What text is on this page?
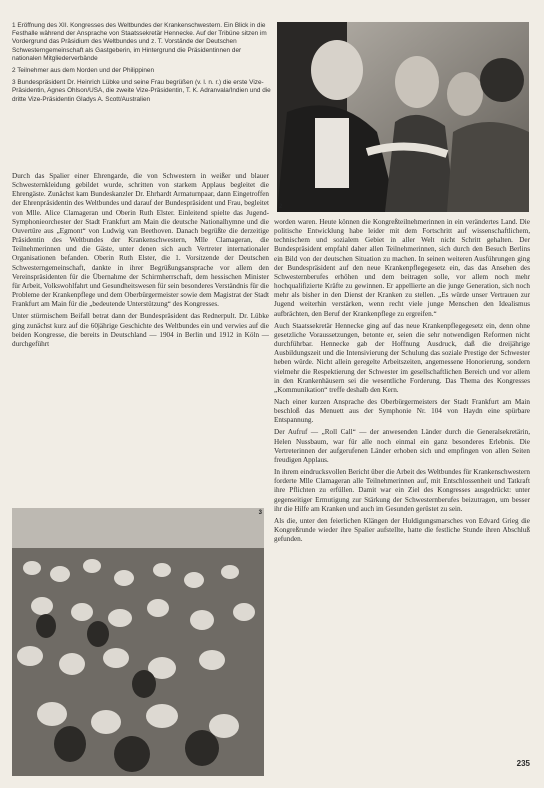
1 Eröffnung des XII. Kongresses des Weltbundes der Krankenschwestern. Ein Blick in die Festhalle während der Ansprache von Staatssekretär Hennecke. Auf der Tribüne sitzen im Vordergrund das Präsidium des Weltbundes und z. T. Vorstände der Deutschen Schwesterngemeinschaft als Gastgeberin, im Hintergrund die Präsidentinnen der nationalen Mitgliederverbände
2 Teilnehmer aus dem Norden und der Philippinen
3 Bundespräsident Dr. Heinrich Lübke und seine Frau begrüßen (v. l. n. r.) die erste Vize-Präsidentin, Agnes Ohlson/USA, die zweite Vize-Präsidentin, T. K. Adranvala/Indien und die dritte Vize-Präsidentin Gladys A. Scott/Australien
2

Durch das Spalier einer Ehrengarde, die von Schwestern in weißer und blauer Schwesternkleidung gebildet wurde, schritten von starkem Applaus begleitet die Ehrengäste. Zunächst kam Bundeskanzler Dr. Ehrhardt Armaturnpaar, dann Eingetroffen der Ehrenpräsidentin des Weltbundes und darauf der Bundespräsident und Frau, begleitet von Mlle. Alice Clamageran und Oberin Ruth Elster. Einleitend spielte das Jugend-Symphonieorchester der Stadt Frankfurt am Main die deutsche Nationalhymne und die Ouvertüre aus „Egmont“ von Ludwig van Beethoven. Danach begrüßte die derzeitige Präsidentin des Weltbundes der Krankenschwestern, Mlle Clamageran, die Teilnehmerinnen und die Gäste, unter denen sich auch Vertreter internationaler Organisationen befanden. Oberin Ruth Elster, die 1. Vorsitzende der Deutschen Schwesterngemeinschaft, dankte in ihrer Begrüßungsansprache vor allem den Vereinspräsidenten für die Übernahme der Schirmherrschaft, dem hessischen Minister für Arbeit, Volkswohlfahrt und Gesundheitswesen für sein besonderes Verständnis für die Probleme der Krankenpflege und dem Oberbürgermeister sowie dem Magistrat der Stadt Frankfurt am Main für die „bedeutende Unterstützung“ des Kongresses.

Unter stürmischem Beifall betrat dann der Bundespräsident das Rednerpult. Dr. Lübke ging zunächst kurz auf die 60jährige Geschichte des Weltbundes ein und verwies auf die beiden Kongresse, die bereits in Deutschland — 1904 in Berlin und 1912 in Köln — durchgeführt

3

worden waren. Heute können die Kongreßteilnehmerinnen in ein verändertes Land. Die politische Entwicklung habe leider mit dem Fortschritt auf wissenschaftlichem, technischem und sozialem Gebiet in aller Welt nicht Schritt gehalten. Der Bundespräsident empfahl daher allen Teilnehmerinnen, sich durch den Besuch Berlins ein Bild von der deutschen Situation zu machen. In seinen weiteren Ausführungen ging der Bundespräsident auf den neue Krankenpflegegesetz ein, das das Ansehen des Schwesternberufes erhöhen und dem beitragen solle, vor allem noch mehr hochqualifizierte Kräfte zu gewinnen. Er appellierte an die junge Generation, sich noch mehr als bisher in den Dienst der Kranken zu stellen. „Es würde unser Vertrauen zur Jugend weiterhin verstärken, wenn recht viele junge Menschen den Idealismus aufbrächten, den Beruf der Krankenpflege zu ergreifen.“

Auch Staatssekretär Hennecke ging auf das neue Krankenpflegegesetz ein, denn ohne gesetzliche Voraussetzungen, betonte er, seien die sehr notwendigen Reformen nicht durchführbar. Hennecke gab der Hoffnung Ausdruck, daß die dreijährige Ausbildungszeit und die Intensivierung der Schulung das soziale Prestige der Schwester heben würde. Nicht allein geregelte Arbeitszeiten, angemessene Honorierung, sondern vielmehr die Respektierung der Schwester im gesellschaftlichen Bereich und vor allem in den Krankenhäusern sei die wesentliche Forderung. Das Thema des Kongresses „Kommunikation“ treffe deshalb den Kern.

Nach einer kurzen Ansprache des Oberbürgermeisters der Stadt Frankfurt am Main beschloß das Menuett aus der Symphonie Nr. 104 von Haydn eine spürbare Entspannung.

Der Aufruf — „Roll Call“ — der anwesenden Länder durch die Generalsekretärin, Helen Nussbaum, war für alle noch einmal ein ganz besonderes Erlebnis. Die Vertreterinnen der aufgerufenen Länder erhoben sich und empfingen von allen Seiten freudigen Applaus.

In ihrem eindrucksvollen Bericht über die Arbeit des Weltbundes für Krankenschwestern forderte Mlle Clamageran alle Teilnehmerinnen auf, mit Entschlossenheit und Tatkraft ihre Pflichten zu erfüllen. Damit war ein Ziel des Kongresses ausgedrückt: unter gegenseitiger Ermutigung zur Stärkung der Schwesternberufes beizutragen, um besser ihr die Hilfe am Kranken und auch im Gesunden gerüstet zu sein.

Als die, unter den feierlichen Klängen der Huldigungsmarsches von Edvard Grieg die Kongreßrunde wieder ihre Spalier aufstellte, hatte die festliche Stunde ihren Abschluß gefunden.

235
